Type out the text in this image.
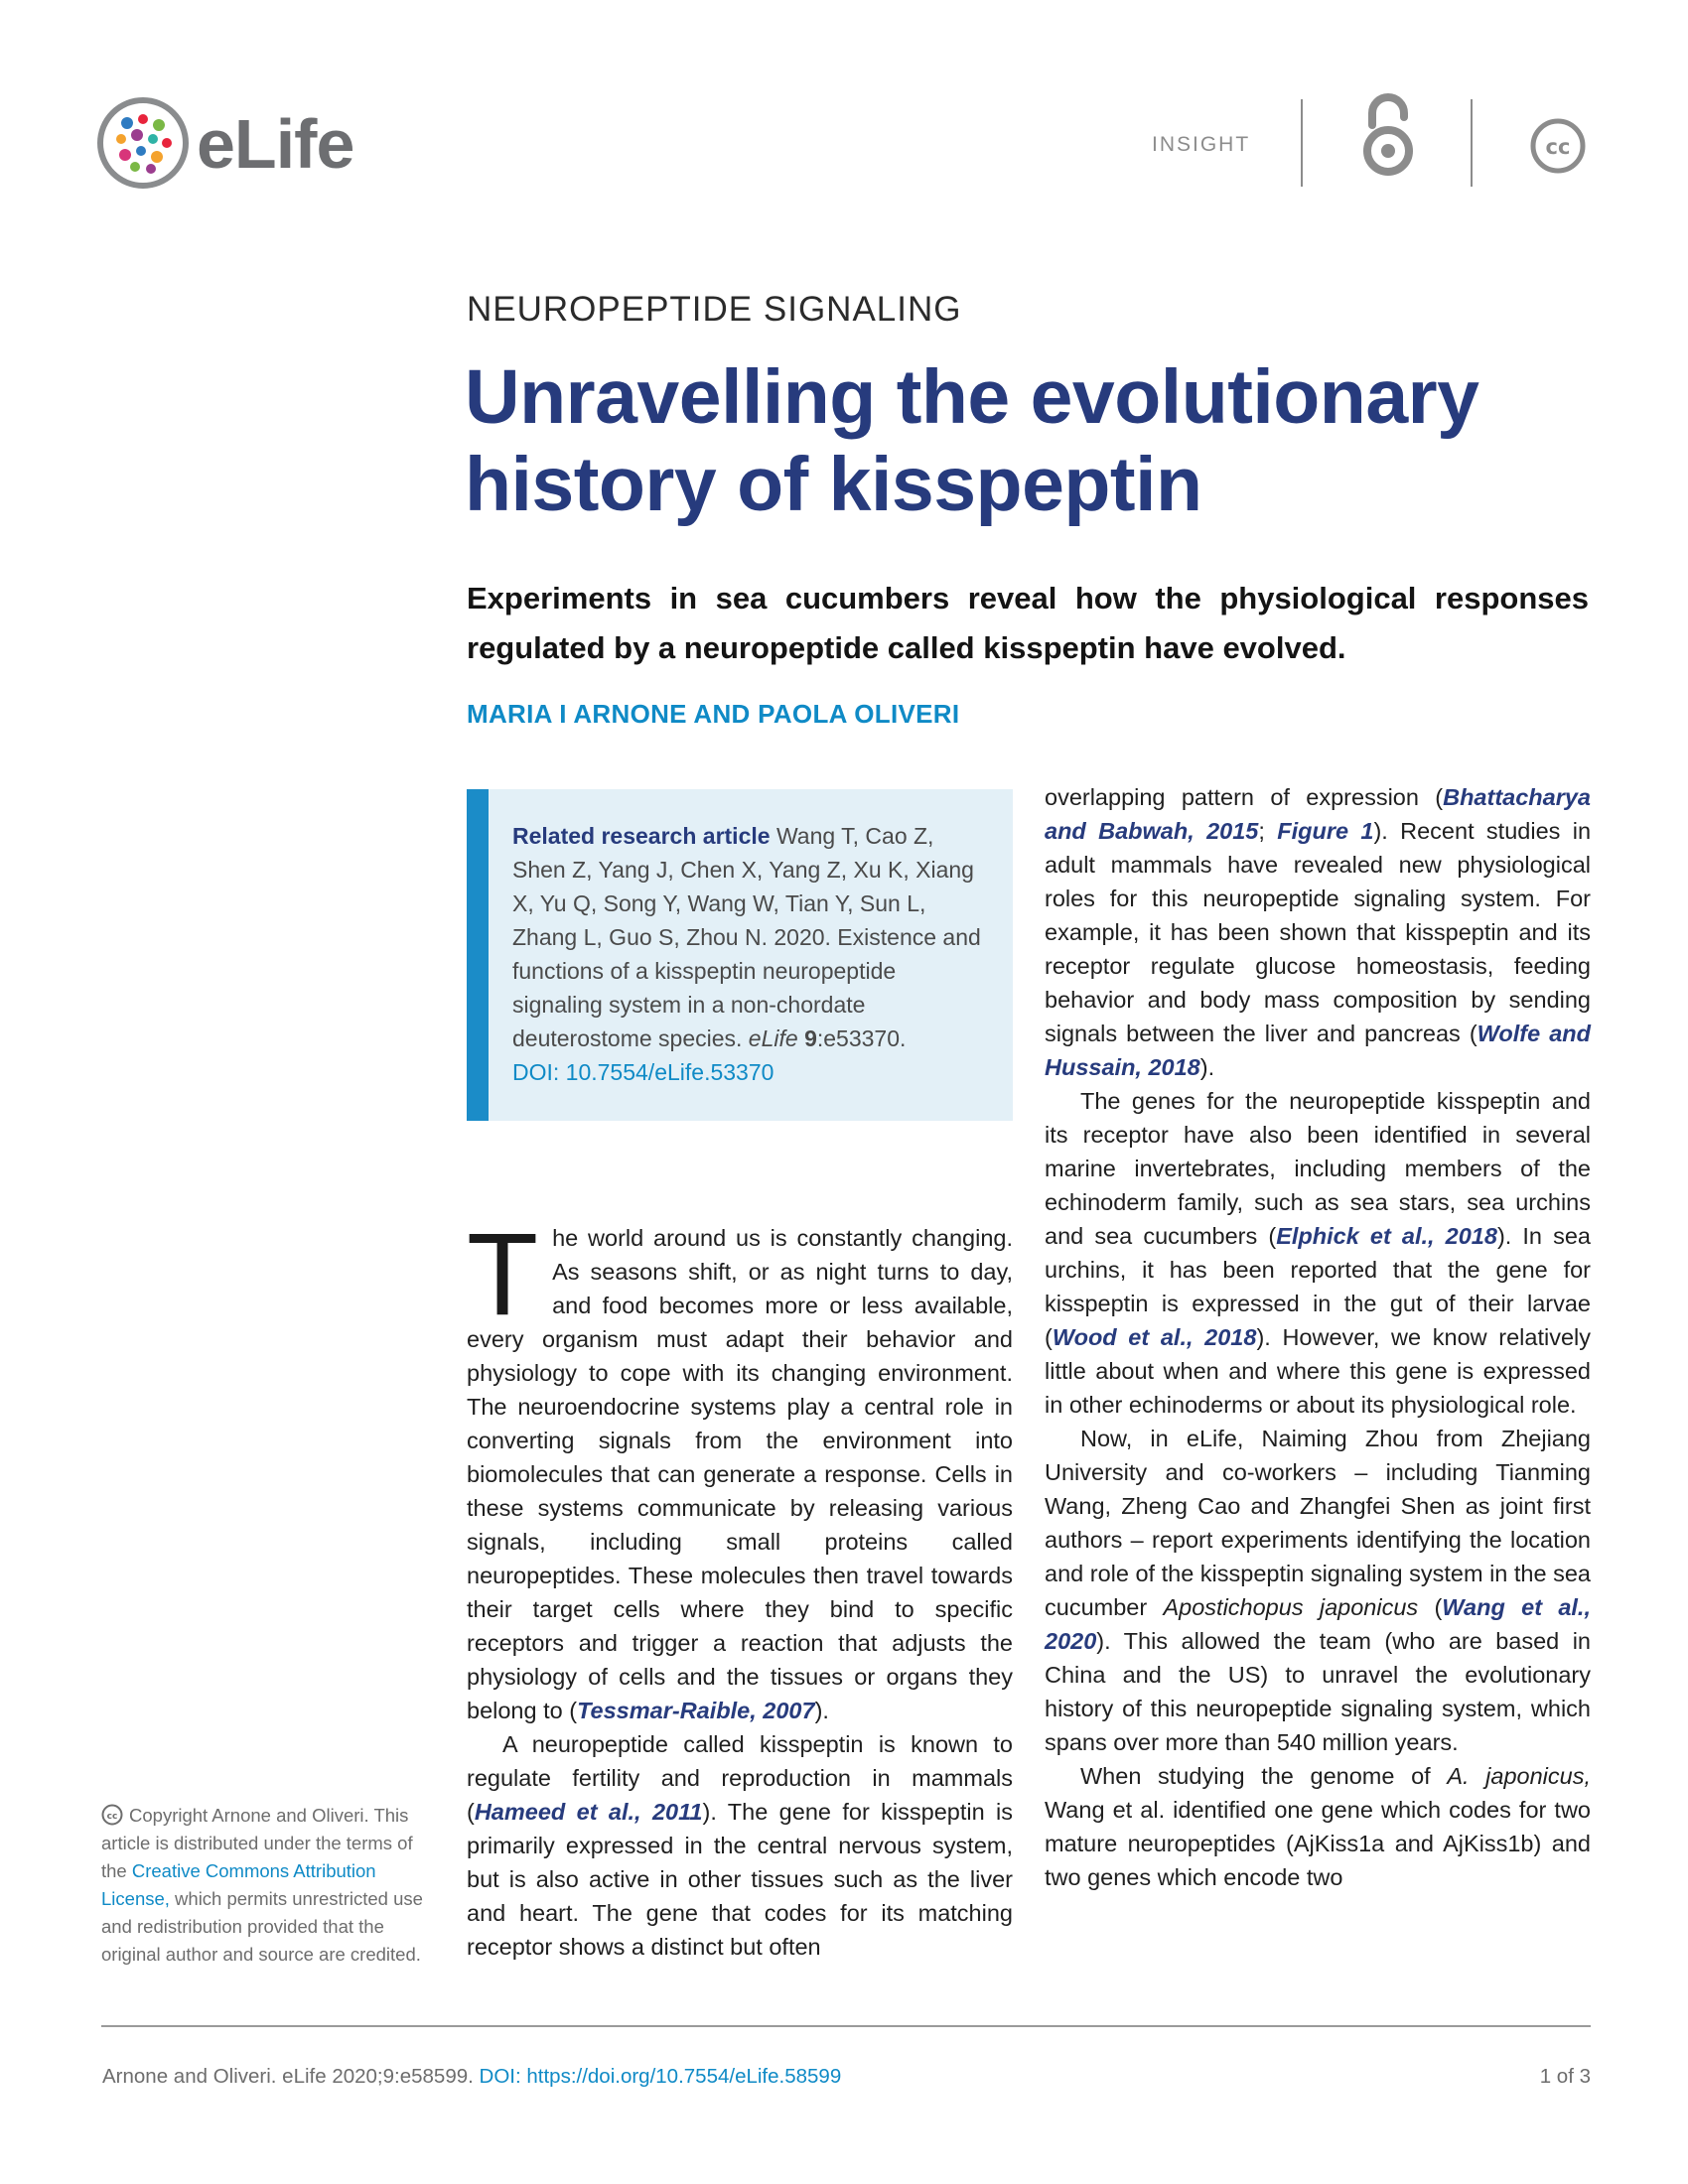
eLife	INSIGHT	cc
NEUROPEPTIDE SIGNALING
Unravelling the evolutionary history of kisspeptin

Experiments in sea cucumbers reveal how the physiological responses regulated by a neuropeptide called kisspeptin have evolved.

MARIA I ARNONE AND PAOLA OLIVERI
Related research article Wang T, Cao Z, Shen Z, Yang J, Chen X, Yang Z, Xu K, Xiang X, Yu Q, Song Y, Wang W, Tian Y, Sun L, Zhang L, Guo S, Zhou N. 2020. Existence and functions of a kisspeptin neuropeptide signaling system in a non-chordate deuterostome species. eLife 9:e53370.
DOI: 10.7554/eLife.53370

The world around us is constantly changing. As seasons shift, or as night turns to day, and food becomes more or less available, every organism must adapt their behavior and physiology to cope with its changing environment. The neuroendocrine systems play a central role in converting signals from the environment into biomolecules that can generate a response. Cells in these systems communicate by releasing various signals, including small proteins called neuropeptides. These molecules then travel towards their target cells where they bind to specific receptors and trigger a reaction that adjusts the physiology of cells and the tissues or organs they belong to (Tessmar-Raible, 2007).

A neuropeptide called kisspeptin is known to regulate fertility and reproduction in mammals (Hameed et al., 2011). The gene for kisspeptin is primarily expressed in the central nervous system, but is also active in other tissues such as the liver and heart. The gene that codes for its matching receptor shows a distinct but often

overlapping pattern of expression (Bhattacharya and Babwah, 2015; Figure 1). Recent studies in adult mammals have revealed new physiological roles for this neuropeptide signaling system. For example, it has been shown that kisspeptin and its receptor regulate glucose homeostasis, feeding behavior and body mass composition by sending signals between the liver and pancreas (Wolfe and Hussain, 2018).

The genes for the neuropeptide kisspeptin and its receptor have also been identified in several marine invertebrates, including members of the echinoderm family, such as sea stars, sea urchins and sea cucumbers (Elphick et al., 2018). In sea urchins, it has been reported that the gene for kisspeptin is expressed in the gut of their larvae (Wood et al., 2018). However, we know relatively little about when and where this gene is expressed in other echinoderms or about its physiological role.

Now, in eLife, Naiming Zhou from Zhejiang University and co-workers – including Tianming Wang, Zheng Cao and Zhangfei Shen as joint first authors – report experiments identifying the location and role of the kisspeptin signaling system in the sea cucumber Apostichopus japonicus (Wang et al., 2020). This allowed the team (who are based in China and the US) to unravel the evolutionary history of this neuropeptide signaling system, which spans over more than 540 million years.

When studying the genome of A. japonicus, Wang et al. identified one gene which codes for two mature neuropeptides (AjKiss1a and AjKiss1b) and two genes which encode two

cc Copyright Arnone and Oliveri. This article is distributed under the terms of the Creative Commons Attribution License, which permits unrestricted use and redistribution provided that the original author and source are credited.
Arnone and Oliveri. eLife 2020;9:e58599. DOI: https://doi.org/10.7554/eLife.58599	1 of 3
